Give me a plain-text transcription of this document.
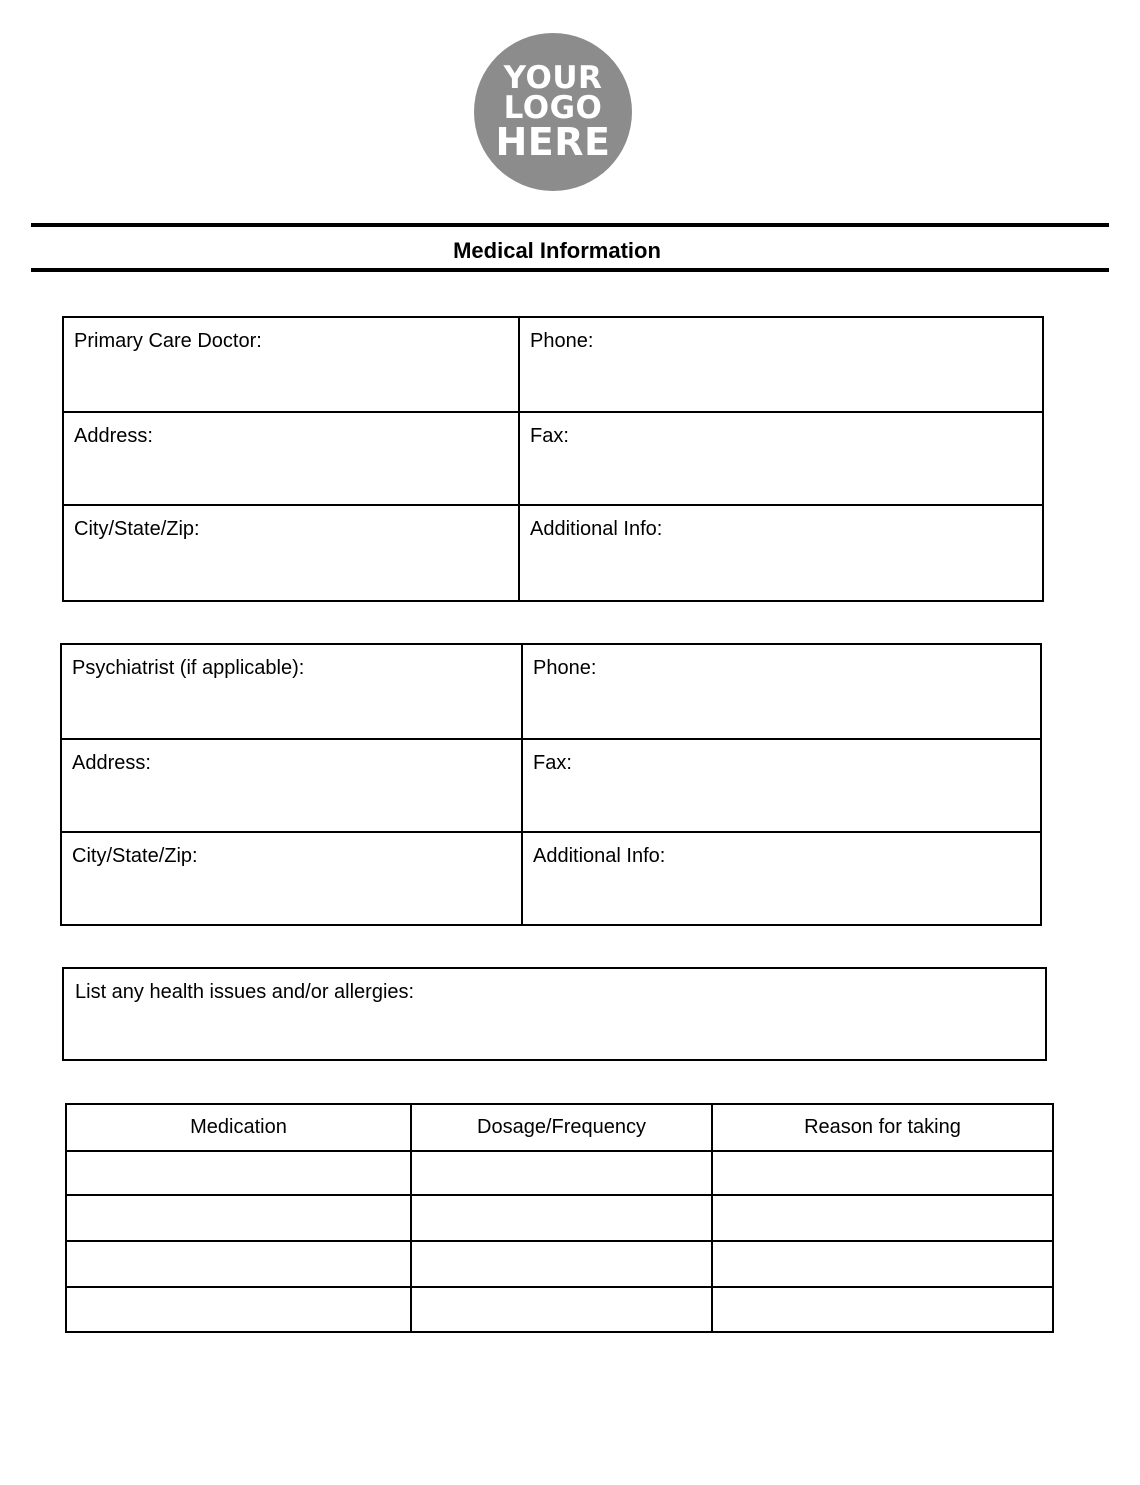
YOUR
LOGO
HERE
Medical Information
Primary Care Doctor:	Phone:
Address:	Fax:
City/State/Zip:	Additional Info:
Psychiatrist (if applicable):	Phone:
Address:	Fax:
City/State/Zip:	Additional Info:
List any health issues and/or allergies:
Medication	Dosage/Frequency	Reason for taking
